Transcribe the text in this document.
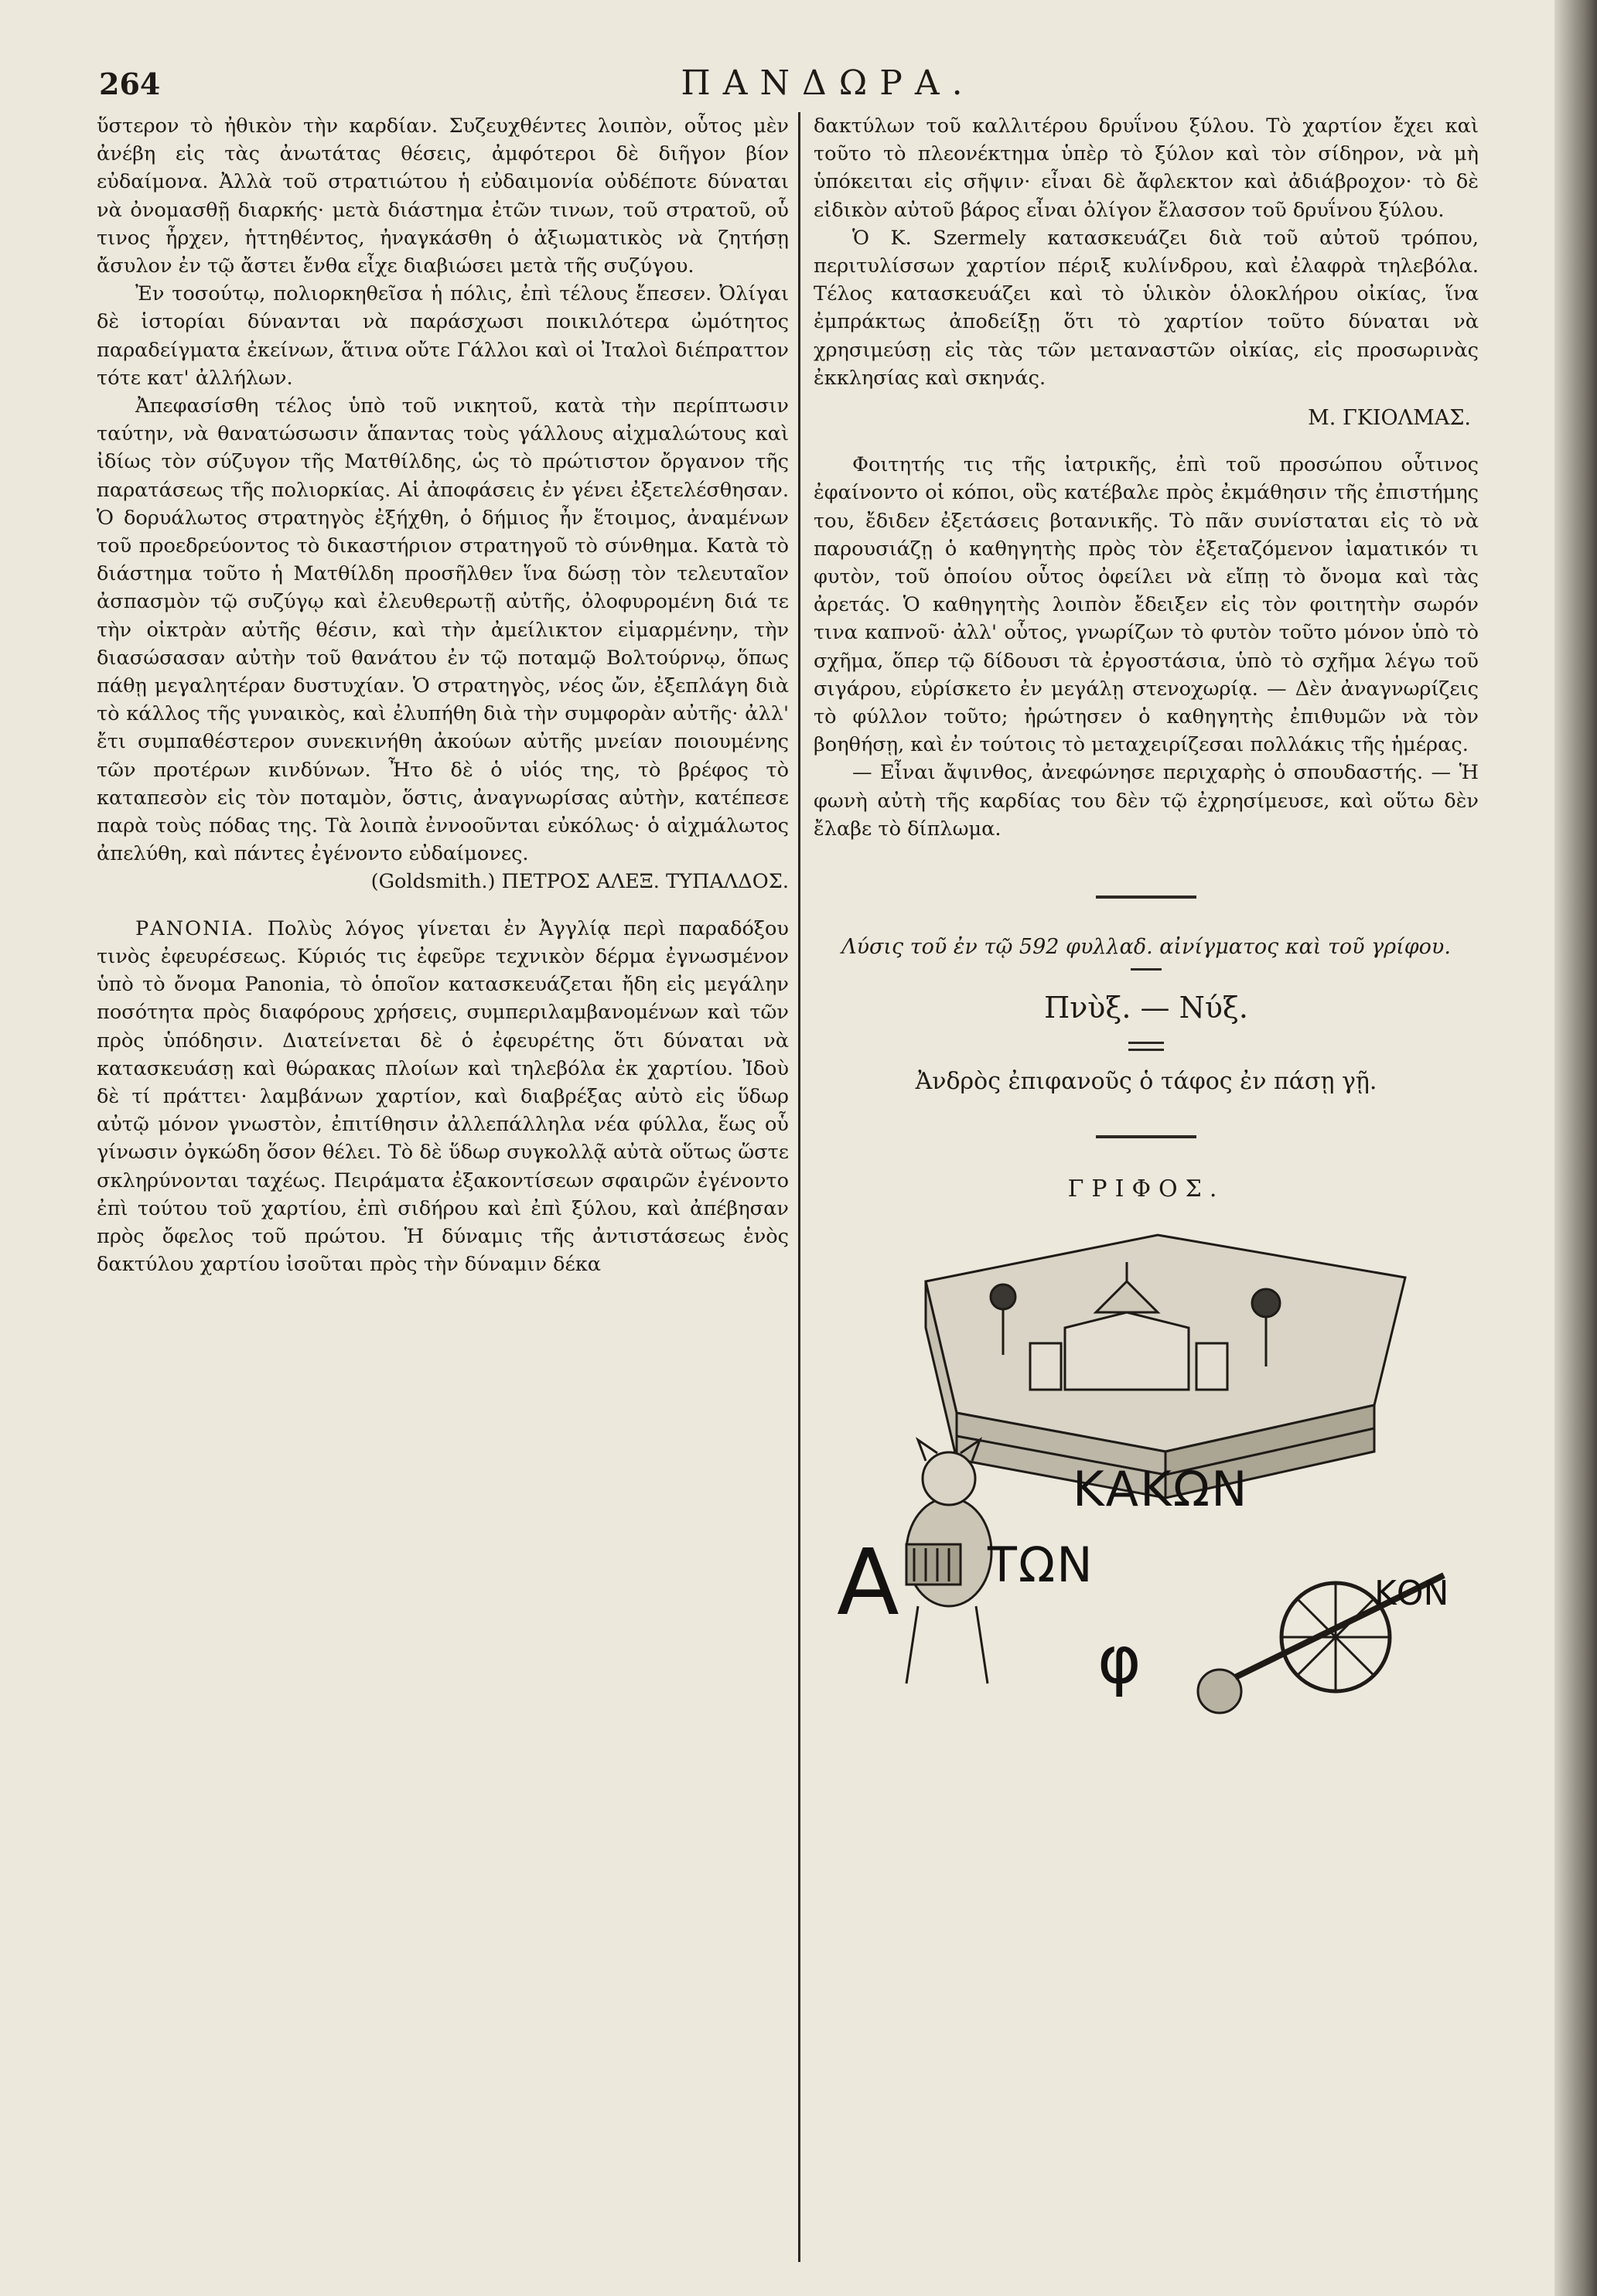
264	ΠΑΝΔΩΡΑ.

ὕστερον τὸ ἠθικὸν τὴν καρδίαν. Συζευχθέντες λοιπὸν, οὗτος μὲν ἀνέβη εἰς τὰς ἀνωτάτας θέσεις, ἀμφότεροι δὲ διῆγον βίον εὐδαίμονα. Ἀλλὰ τοῦ στρατιώτου ἡ εὐδαιμονία οὐδέποτε δύναται νὰ ὀνομασθῇ διαρκής· μετὰ διάστημα ἐτῶν τινων, τοῦ στρατοῦ, οὗ τινος ἦρχεν, ἡττηθέντος, ἠναγκάσθη ὁ ἀξιωματικὸς νὰ ζητήσῃ ἄσυλον ἐν τῷ ἄστει ἔνθα εἶχε διαβιώσει μετὰ τῆς συζύγου.

Ἐν τοσούτῳ, πολιορκηθεῖσα ἡ πόλις, ἐπὶ τέλους ἔπεσεν. Ὀλίγαι δὲ ἱστορίαι δύνανται νὰ παράσχωσι ποικιλότερα ὠμότητος παραδείγματα ἐκείνων, ἅτινα οὔτε Γάλλοι καὶ οἱ Ἰταλοὶ διέπραττον τότε κατ' ἀλλήλων.

Ἀπεφασίσθη τέλος ὑπὸ τοῦ νικητοῦ, κατὰ τὴν περίπτωσιν ταύτην, νὰ θανατώσωσιν ἅπαντας τοὺς γάλλους αἰχμαλώτους καὶ ἰδίως τὸν σύζυγον τῆς Ματθίλδης, ὡς τὸ πρώτιστον ὄργανον τῆς παρατάσεως τῆς πολιορκίας. Αἱ ἀποφάσεις ἐν γένει ἐξετελέσθησαν. Ὁ δορυάλωτος στρατηγὸς ἐξήχθη, ὁ δήμιος ἦν ἕτοιμος, ἀναμένων τοῦ προεδρεύοντος τὸ δικαστήριον στρατηγοῦ τὸ σύνθημα. Κατὰ τὸ διάστημα τοῦτο ἡ Ματθίλδη προσῆλθεν ἵνα δώσῃ τὸν τελευταῖον ἀσπασμὸν τῷ συζύγῳ καὶ ἐλευθερωτῇ αὐτῆς, ὀλοφυρομένη διά τε τὴν οἰκτρὰν αὐτῆς θέσιν, καὶ τὴν ἀμείλικτον εἱμαρμένην, τὴν διασώσασαν αὐτὴν τοῦ θανάτου ἐν τῷ ποταμῷ Βολτούρνῳ, ὅπως πάθῃ μεγαλητέραν δυστυχίαν. Ὁ στρατηγὸς, νέος ὤν, ἐξεπλάγη διὰ τὸ κάλλος τῆς γυναικὸς, καὶ ἐλυπήθη διὰ τὴν συμφορὰν αὐτῆς· ἀλλ' ἔτι συμπαθέστερον συνεκινήθη ἀκούων αὐτῆς μνείαν ποιουμένης τῶν προτέρων κινδύνων. Ἦτο δὲ ὁ υἱός της, τὸ βρέφος τὸ καταπεσὸν εἰς τὸν ποταμὸν, ὅστις, ἀναγνωρίσας αὐτὴν, κατέπεσε παρὰ τοὺς πόδας της. Τὰ λοιπὰ ἐννοοῦνται εὐκόλως· ὁ αἰχμάλωτος ἀπελύθη, καὶ πάντες ἐγένοντο εὐδαίμονες.

(Goldsmith.) ΠΕΤΡΟΣ ΑΛΕΞ. ΤΥΠΑΛΔΟΣ.

ΡΑΝΟΝΙΑ. Πολὺς λόγος γίνεται ἐν Ἀγγλίᾳ περὶ παραδόξου τινὸς ἐφευρέσεως. Κύριός τις ἐφεῦρε τεχνικὸν δέρμα ἐγνωσμένον ὑπὸ τὸ ὄνομα Panonia, τὸ ὁποῖον κατασκευάζεται ἤδη εἰς μεγάλην ποσότητα πρὸς διαφόρους χρήσεις, συμπεριλαμβανομένων καὶ τῶν πρὸς ὑπόδησιν. Διατείνεται δὲ ὁ ἐφευρέτης ὅτι δύναται νὰ κατασκευάσῃ καὶ θώρακας πλοίων καὶ τηλεβόλα ἐκ χαρτίου. Ἰδοὺ δὲ τί πράττει· λαμβάνων χαρτίον, καὶ διαβρέξας αὐτὸ εἰς ὕδωρ αὐτῷ μόνον γνωστὸν, ἐπιτίθησιν ἀλλεπάλληλα νέα φύλλα, ἕως οὗ γίνωσιν ὀγκώδη ὅσον θέλει. Τὸ δὲ ὕδωρ συγκολλᾷ αὐτὰ οὕτως ὥστε σκληρύνονται ταχέως. Πειράματα ἐξακοντίσεων σφαιρῶν ἐγένοντο ἐπὶ τούτου τοῦ χαρτίου, ἐπὶ σιδήρου καὶ ἐπὶ ξύλου, καὶ ἀπέβησαν πρὸς ὄφελος τοῦ πρώτου. Ἡ δύναμις τῆς ἀντιστάσεως ἑνὸς δακτύλου χαρτίου ἰσοῦται πρὸς τὴν δύναμιν δέκα

δακτύλων τοῦ καλλιτέρου δρυΐνου ξύλου. Τὸ χαρτίον ἔχει καὶ τοῦτο τὸ πλεονέκτημα ὑπὲρ τὸ ξύλον καὶ τὸν σίδηρον, νὰ μὴ ὑπόκειται εἰς σῆψιν· εἶναι δὲ ἄφλεκτον καὶ ἀδιάβροχον· τὸ δὲ εἰδικὸν αὐτοῦ βάρος εἶναι ὀλίγον ἔλασσον τοῦ δρυΐνου ξύλου.

Ὁ Κ. Szermely κατασκευάζει διὰ τοῦ αὐτοῦ τρόπου, περιτυλίσσων χαρτίον πέριξ κυλίνδρου, καὶ ἐλαφρὰ τηλεβόλα. Τέλος κατασκευάζει καὶ τὸ ὑλικὸν ὁλοκλήρου οἰκίας, ἵνα ἐμπράκτως ἀποδείξῃ ὅτι τὸ χαρτίον τοῦτο δύναται νὰ χρησιμεύσῃ εἰς τὰς τῶν μεταναστῶν οἰκίας, εἰς προσωρινὰς ἐκκλησίας καὶ σκηνάς.

Μ. ΓΚΙΟΛΜΑΣ.

Φοιτητής τις τῆς ἰατρικῆς, ἐπὶ τοῦ προσώπου οὗτινος ἐφαίνοντο οἱ κόποι, οὓς κατέβαλε πρὸς ἐκμάθησιν τῆς ἐπιστήμης του, ἔδιδεν ἐξετάσεις βοτανικῆς. Τὸ πᾶν συνίσταται εἰς τὸ νὰ παρουσιάζῃ ὁ καθηγητὴς πρὸς τὸν ἐξεταζόμενον ἰαματικόν τι φυτὸν, τοῦ ὁποίου οὗτος ὀφείλει νὰ εἴπῃ τὸ ὄνομα καὶ τὰς ἀρετάς. Ὁ καθηγητὴς λοιπὸν ἔδειξεν εἰς τὸν φοιτητὴν σωρόν τινα καπνοῦ· ἀλλ' οὗτος, γνωρίζων τὸ φυτὸν τοῦτο μόνον ὑπὸ τὸ σχῆμα, ὅπερ τῷ δίδουσι τὰ ἐργοστάσια, ὑπὸ τὸ σχῆμα λέγω τοῦ σιγάρου, εὑρίσκετο ἐν μεγάλῃ στενοχωρίᾳ. — Δὲν ἀναγνωρίζεις τὸ φύλλον τοῦτο; ἠρώτησεν ὁ καθηγητὴς ἐπιθυμῶν νὰ τὸν βοηθήσῃ, καὶ ἐν τούτοις τὸ μεταχειρίζεσαι πολλάκις τῆς ἡμέρας.

— Εἶναι ἄψινθος, ἀνεφώνησε περιχαρὴς ὁ σπουδαστής. — Ἡ φωνὴ αὐτὴ τῆς καρδίας του δὲν τῷ ἐχρησίμευσε, καὶ οὕτω δὲν ἔλαβε τὸ δίπλωμα.

Λύσις τοῦ ἐν τῷ 592 φυλλαδ. αἰνίγματος καὶ τοῦ γρίφου.
Πνὺξ. — Νύξ.
Ἀνδρὸς ἐπιφανοῦς ὁ τάφος ἐν πάσῃ γῇ.
ΓΡΙΦΟΣ.
Α
ΚΑΚΩΝ
ΤΩΝ
φ
ΚΟΝ
